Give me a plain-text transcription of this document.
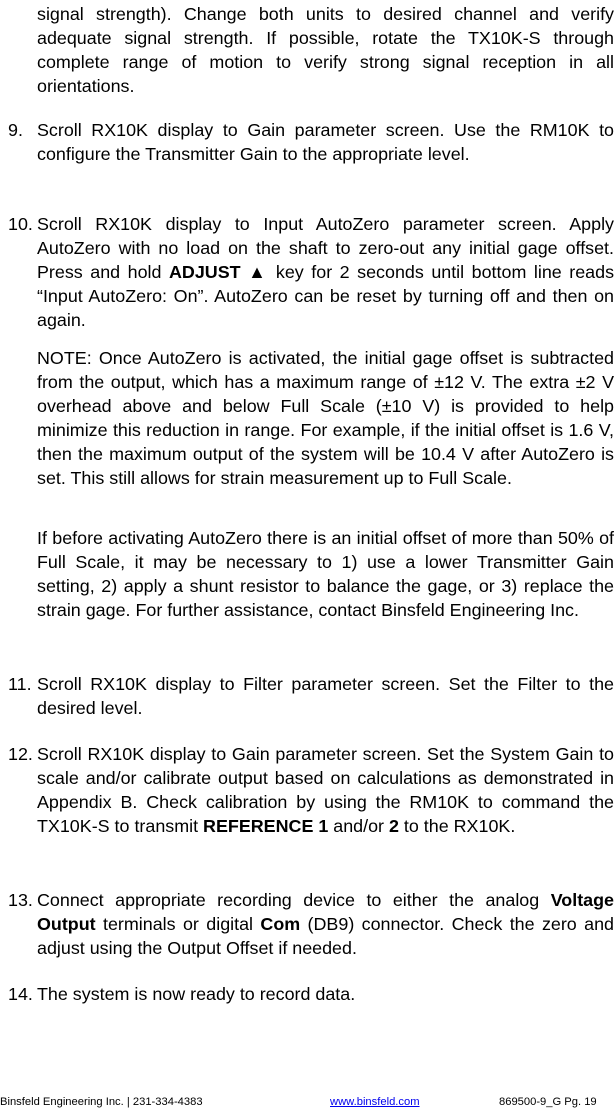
signal strength). Change both units to desired channel and verify adequate signal strength. If possible, rotate the TX10K-S through complete range of motion to verify strong signal reception in all orientations.
9. Scroll RX10K display to Gain parameter screen. Use the RM10K to configure the Transmitter Gain to the appropriate level.
10. Scroll RX10K display to Input AutoZero parameter screen. Apply AutoZero with no load on the shaft to zero-out any initial gage offset. Press and hold ADJUST ▲ key for 2 seconds until bottom line reads “Input AutoZero: On”. AutoZero can be reset by turning off and then on again.
NOTE: Once AutoZero is activated, the initial gage offset is subtracted from the output, which has a maximum range of ±12 V. The extra ±2 V overhead above and below Full Scale (±10 V) is provided to help minimize this reduction in range. For example, if the initial offset is 1.6 V, then the maximum output of the system will be 10.4 V after AutoZero is set. This still allows for strain measurement up to Full Scale.
If before activating AutoZero there is an initial offset of more than 50% of Full Scale, it may be necessary to 1) use a lower Transmitter Gain setting, 2) apply a shunt resistor to balance the gage, or 3) replace the strain gage. For further assistance, contact Binsfeld Engineering Inc.
11. Scroll RX10K display to Filter parameter screen. Set the Filter to the desired level.
12. Scroll RX10K display to Gain parameter screen. Set the System Gain to scale and/or calibrate output based on calculations as demonstrated in Appendix B. Check calibration by using the RM10K to command the TX10K-S to transmit REFERENCE 1 and/or 2 to the RX10K.
13. Connect appropriate recording device to either the analog Voltage Output terminals or digital Com (DB9) connector. Check the zero and adjust using the Output Offset if needed.
14. The system is now ready to record data.
Binsfeld Engineering Inc. | 231-334-4383	www.binsfeld.com	869500-9_G Pg. 19
